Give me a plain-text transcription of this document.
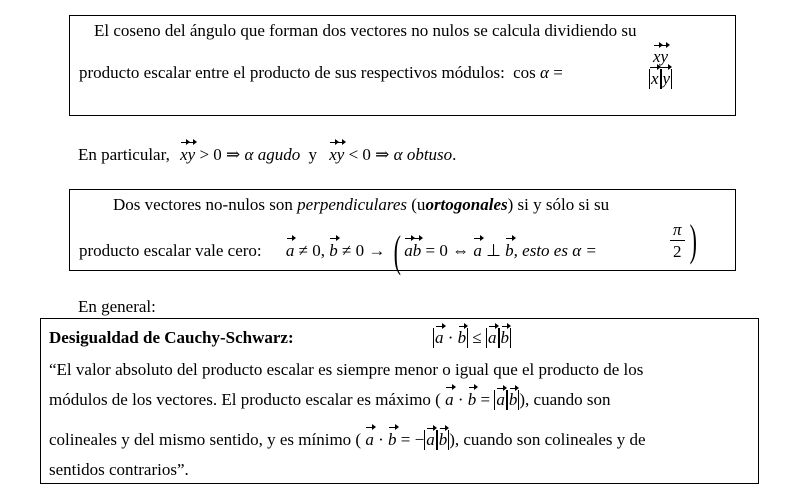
El coseno del ángulo que forman dos vectores no nulos se calcula dividiendo su
producto escalar entre el producto de sus respectivos módulos: cos α =	$\frac{xy}{\text{x y}}$
En particular, xy > 0 ⇒ α agudo y xy < 0 ⇒ α obtuso.
Dos vectores no-nulos son perpendiculares (uortogonales) si y sólo si su
producto escalar vale cero: a ≠ 0, b ≠ 0 → ( ab = 0 ⇔ a ⊥ b, esto es α =	$\frac{\pi}{2}$ )
En general:
Desigualdad de Cauchy-Schwarz:	a · b ≤ a b
“El valor absoluto del producto escalar es siempre menor o igual que el producto de los
módulos de los vectores. El producto escalar es máximo ( a · b = a b ), cuando son
colineales y del mismo sentido, y es mínimo ( a · b = − a b ), cuando son colineales y de
sentidos contrarios”.
